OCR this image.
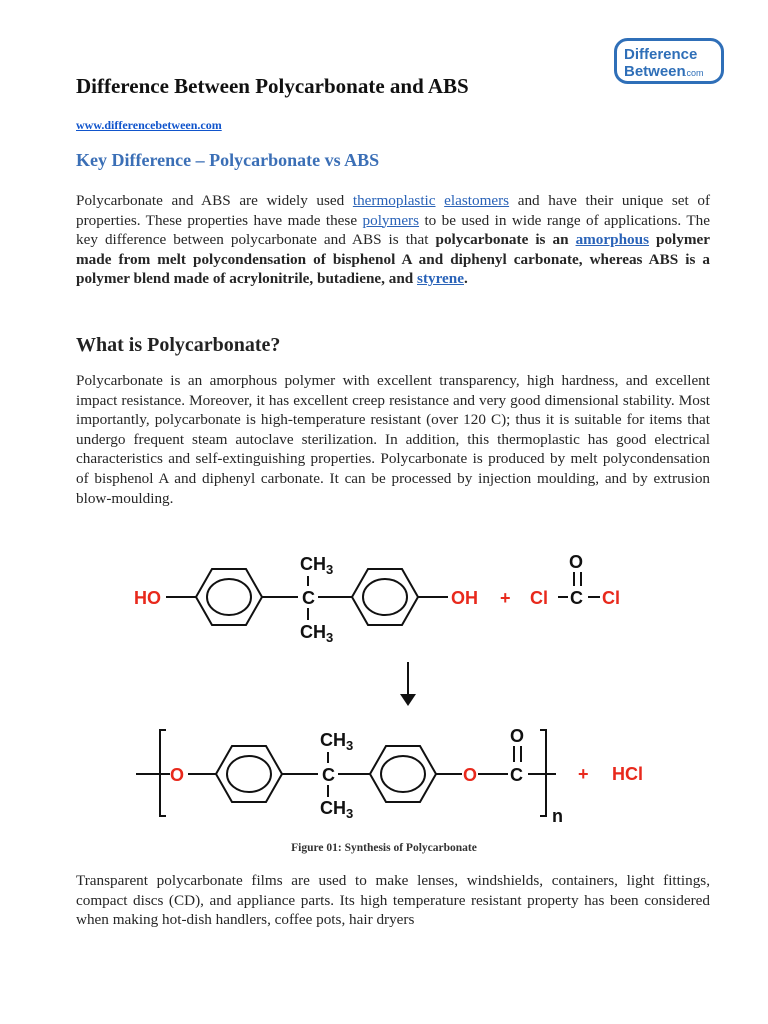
Difference
Between
.com
Difference Between Polycarbonate and ABS
www.differencebetween.com
Key Difference – Polycarbonate vs ABS

Polycarbonate and ABS are widely used thermoplastic elastomers and have their unique set of properties. These properties have made these polymers to be used in wide range of applications. The key difference between polycarbonate and ABS is that polycarbonate is an amorphous polymer made from melt polycondensation of bisphenol A and diphenyl carbonate, whereas ABS is a polymer blend made of acrylonitrile, butadiene, and styrene.

What is Polycarbonate?

Polycarbonate is an amorphous polymer with excellent transparency, high hardness, and excellent impact resistance. Moreover, it has excellent creep resistance and very good dimensional stability. Most importantly, polycarbonate is high-temperature resistant (over 120 C); thus it is suitable for items that undergo frequent steam autoclave sterilization. In addition, this thermoplastic has good electrical characteristics and self-extinguishing properties. Polycarbonate is produced by melt polycondensation of bisphenol A and diphenyl carbonate. It can be processed by injection moulding, and by extrusion blow-moulding.

HO
$CH_3$
C
$CH_3$
OH + Cl C Cl
O
O
$CH_3$
C
$CH_3$
O C
O
n
+ HCl
Figure 01: Synthesis of Polycarbonate

Transparent polycarbonate films are used to make lenses, windshields, containers, light fittings, compact discs (CD), and appliance parts. Its high temperature resistant property has been considered when making hot-dish handlers, coffee pots, hair dryers
